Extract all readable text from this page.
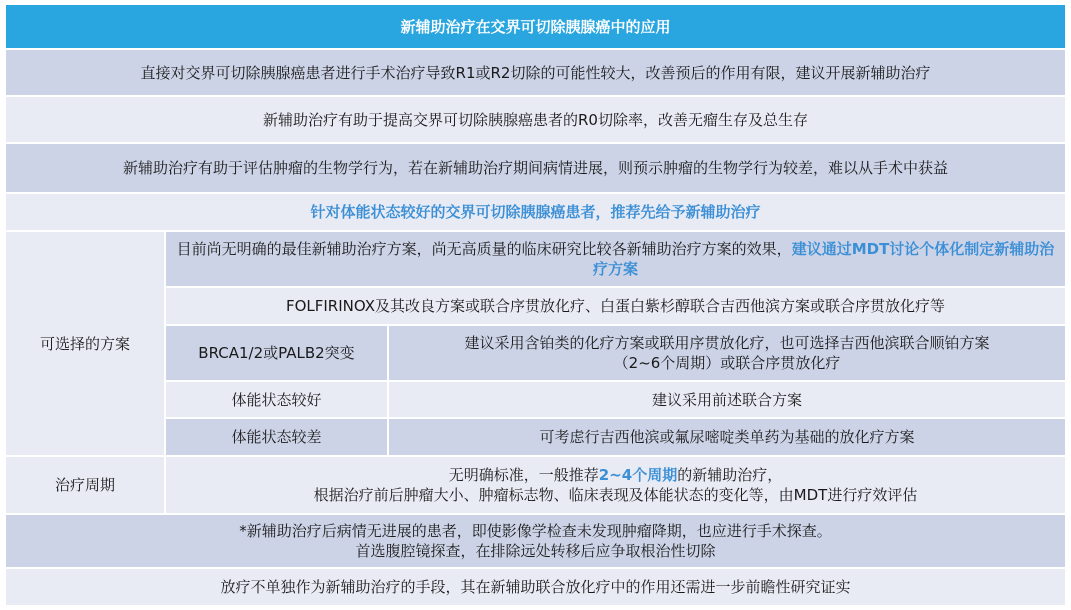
新辅助治疗在交界可切除胰腺癌中的应用
直接对交界可切除胰腺癌患者进行手术治疗导致R1或R2切除的可能性较大，改善预后的作用有限，建议开展新辅助治疗
新辅助治疗有助于提高交界可切除胰腺癌患者的R0切除率，改善无瘤生存及总生存
新辅助治疗有助于评估肿瘤的生物学行为，若在新辅助治疗期间病情进展，则预示肿瘤的生物学行为较差，难以从手术中获益
针对体能状态较好的交界可切除胰腺癌患者，推荐先给予新辅助治疗
可选择的方案
目前尚无明确的最佳新辅助治疗方案，尚无高质量的临床研究比较各新辅助治疗方案的效果，建议通过MDT讨论个体化制定新辅助治疗方案
FOLFIRINOX及其改良方案或联合序贯放化疗、白蛋白紫杉醇联合吉西他滨方案或联合序贯放化疗等
BRCA1/2或PALB2突变
建议采用含铂类的化疗方案或联用序贯放化疗，也可选择吉西他滨联合顺铂方案
（2~6个周期）或联合序贯放化疗
体能状态较好	建议采用前述联合方案
体能状态较差	可考虑行吉西他滨或氟尿嘧啶类单药为基础的放化疗方案
治疗周期
无明确标准，一般推荐2~4个周期的新辅助治疗，
根据治疗前后肿瘤大小、肿瘤标志物、临床表现及体能状态的变化等，由MDT进行疗效评估
*新辅助治疗后病情无进展的患者，即使影像学检查未发现肿瘤降期，也应进行手术探查。
首选腹腔镜探查，在排除远处转移后应争取根治性切除
放疗不单独作为新辅助治疗的手段，其在新辅助联合放化疗中的作用还需进一步前瞻性研究证实
